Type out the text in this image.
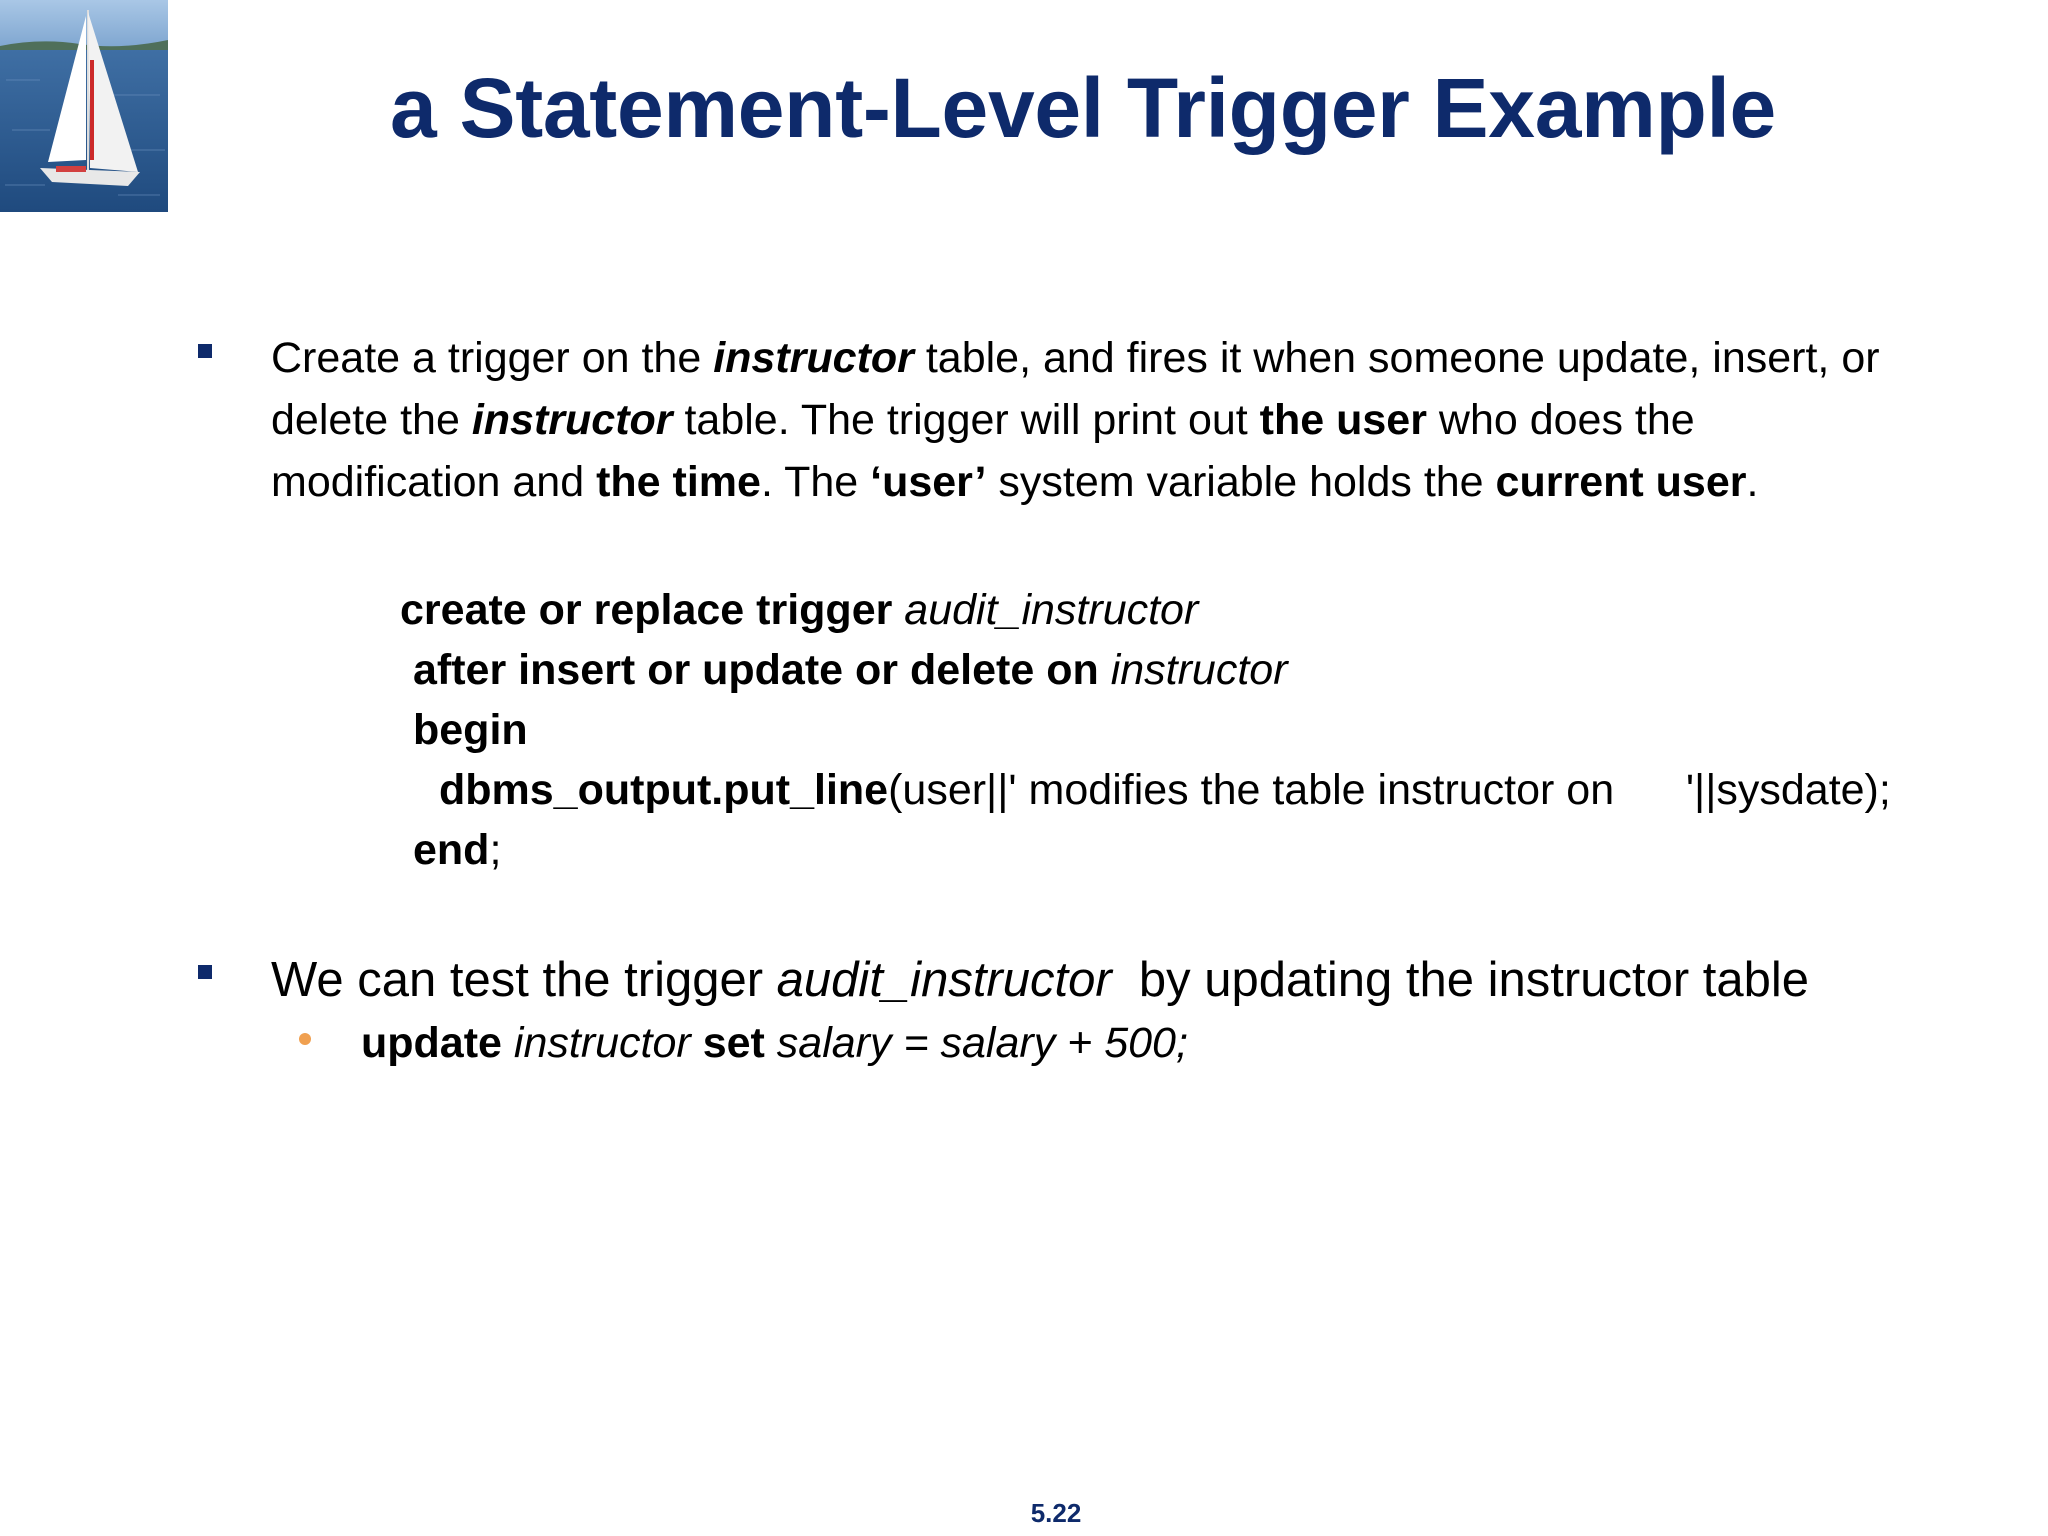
a Statement-Level Trigger Example
Create a trigger on the instructor table, and fires it when someone update, insert, or
delete the instructor table. The trigger will print out the user who does the
modification and the time. The ‘user’ system variable holds the current user.
create or replace trigger audit_instructor
after insert or update or delete on instructor
begin
dbms_output.put_line(user||' modifies the table instructor on      '||sysdate);
end;
We can test the trigger audit_instructor  by updating the instructor table
update instructor set salary = salary + 500;
5.22
